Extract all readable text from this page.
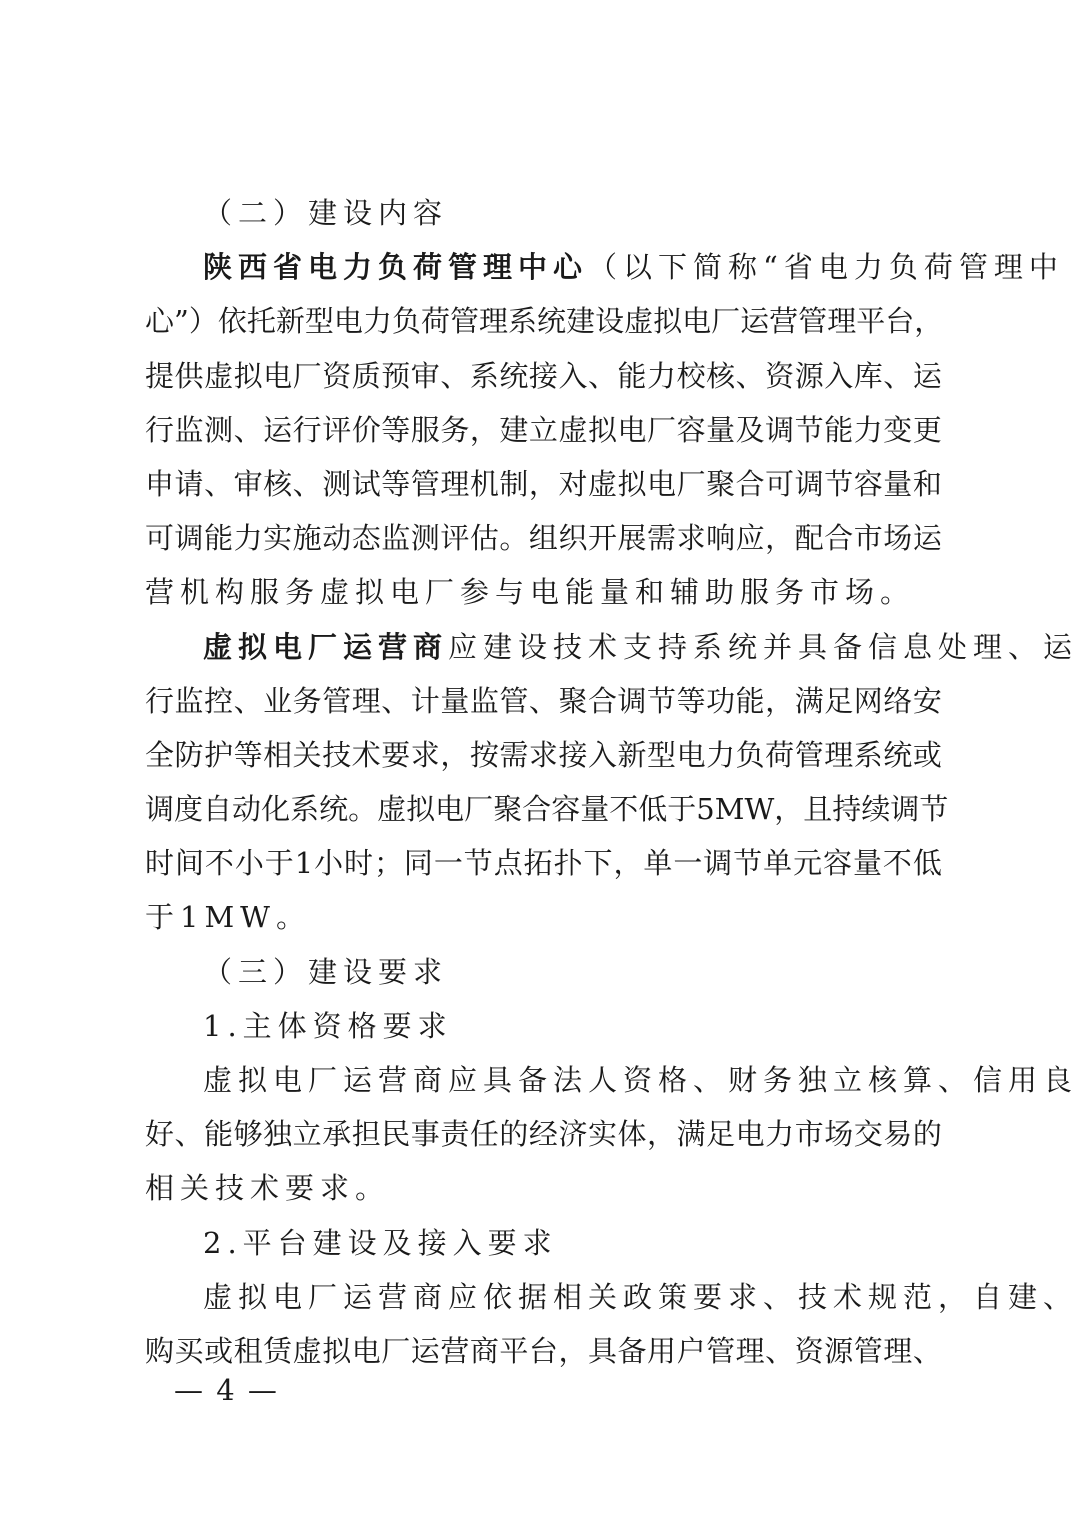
（二）建设内容
陕西省电力负荷管理中心（以下简称“省电力负荷管理中
心 ” ） 依 托 新 型 电 力 负 荷 管 理 系 统 建 设 虚 拟 电 厂 运 营 管 理 平 台 ，
提 供 虚 拟 电 厂 资 质 预 审 、 系 统 接 入 、 能 力 校 核 、 资 源 入 库 、 运
行 监 测 、 运 行 评 价 等 服 务 ， 建 立 虚 拟 电 厂 容 量 及 调 节 能 力 变 更
申 请 、 审 核 、 测 试 等 管 理 机 制 ， 对 虚 拟 电 厂 聚 合 可 调 节 容 量 和
可 调 能 力 实 施 动 态 监 测 评 估 。 组 织 开 展 需 求 响 应 ， 配 合 市 场 运
营机构服务虚拟电厂参与电能量和辅助服务市场。
虚拟电厂运营商应建设技术支持系统并具备信息处理、运
行 监 控 、 业 务 管 理 、 计 量 监 管 、 聚 合 调 节 等 功 能 ， 满 足 网 络 安
全 防 护 等 相 关 技 术 要 求 ， 按 需 求 接 入 新 型 电 力 负 荷 管 理 系 统 或
调 度 自 动 化 系 统 。 虚 拟 电 厂 聚 合 容 量 不 低 于 5 M W ， 且 持 续 调 节
时 间 不 小 于 1 小 时 ； 同 一 节 点 拓 扑 下 ， 单 一 调 节 单 元 容 量 不 低
于1MW。
（三）建设要求
1.主体资格要求
虚拟电厂运营商应具备法人资格、财务独立核算、信用良
好 、 能 够 独 立 承 担 民 事 责 任 的 经 济 实 体 ， 满 足 电 力 市 场 交 易 的
相关技术要求。
2.平台建设及接入要求
虚拟电厂运营商应依据相关政策要求、技术规范，自建、
购 买 或 租 赁 虚 拟 电 厂 运 营 商 平 台 ， 具 备 用 户 管 理 、 资 源 管 理 、
— 4 —
